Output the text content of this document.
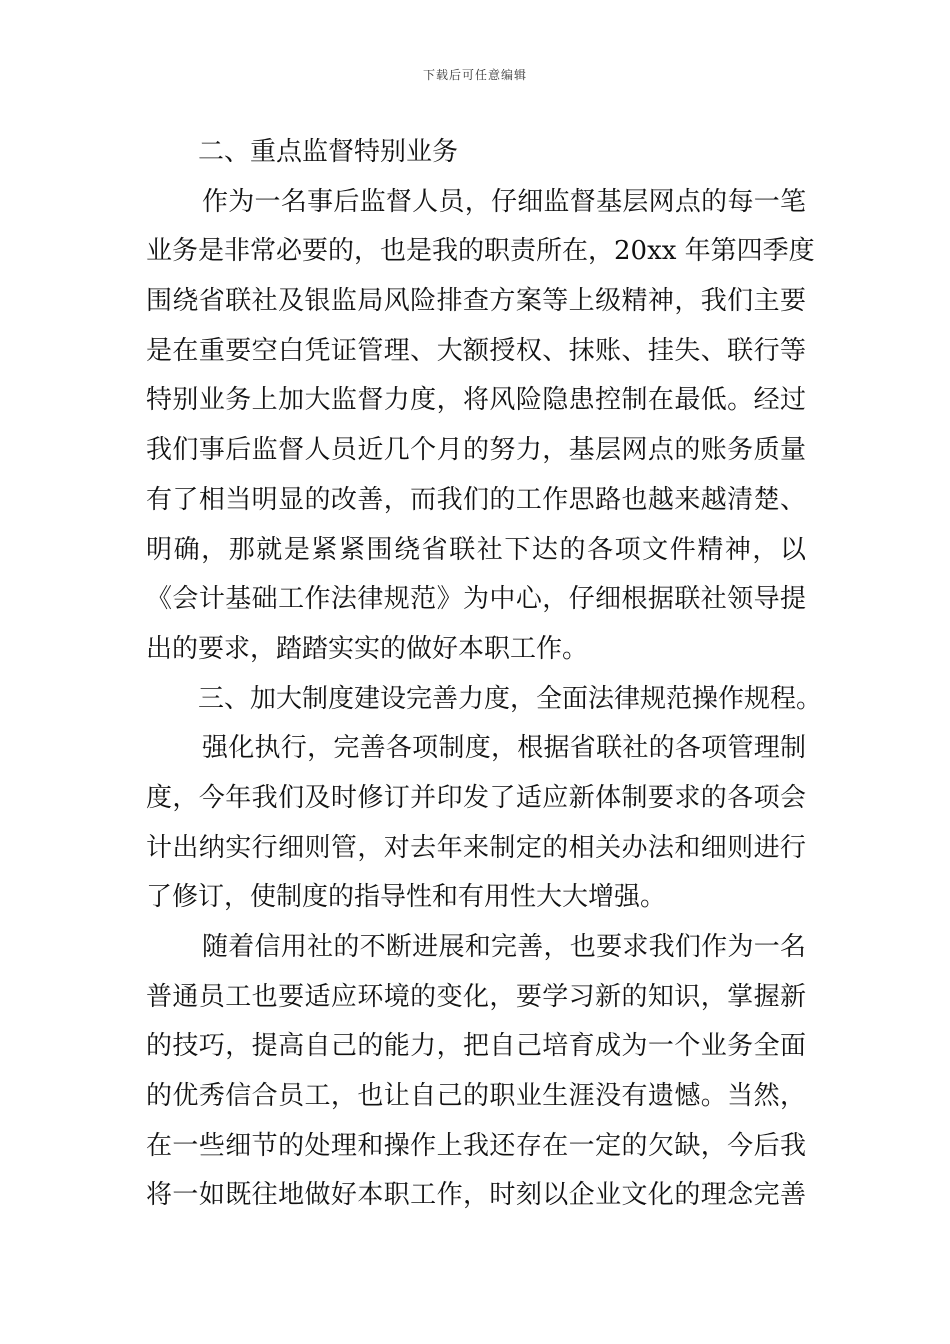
下载后可任意编辑
二、重点监督特别业务
作为一名事后监督人员，仔细监督基层网点的每一笔
业务是非常必要的，也是我的职责所在，20xx 年第四季度
围绕省联社及银监局风险排查方案等上级精神，我们主要
是在重要空白凭证管理、大额授权、抹账、挂失、联行等
特别业务上加大监督力度，将风险隐患控制在最低。经过
我们事后监督人员近几个月的努力，基层网点的账务质量
有了相当明显的改善，而我们的工作思路也越来越清楚、
明确，那就是紧紧围绕省联社下达的各项文件精神，以
《会计基础工作法律规范》为中心，仔细根据联社领导提
出的要求，踏踏实实的做好本职工作。
三、加大制度建设完善力度，全面法律规范操作规程。
强化执行，完善各项制度，根据省联社的各项管理制
度，今年我们及时修订并印发了适应新体制要求的各项会
计出纳实行细则管，对去年来制定的相关办法和细则进行
了修订，使制度的指导性和有用性大大增强。
随着信用社的不断进展和完善，也要求我们作为一名
普通员工也要适应环境的变化，要学习新的知识，掌握新
的技巧，提高自己的能力，把自己培育成为一个业务全面
的优秀信合员工，也让自己的职业生涯没有遗憾。当然，
在一些细节的处理和操作上我还存在一定的欠缺，今后我
将一如既往地做好本职工作，时刻以企业文化的理念完善
